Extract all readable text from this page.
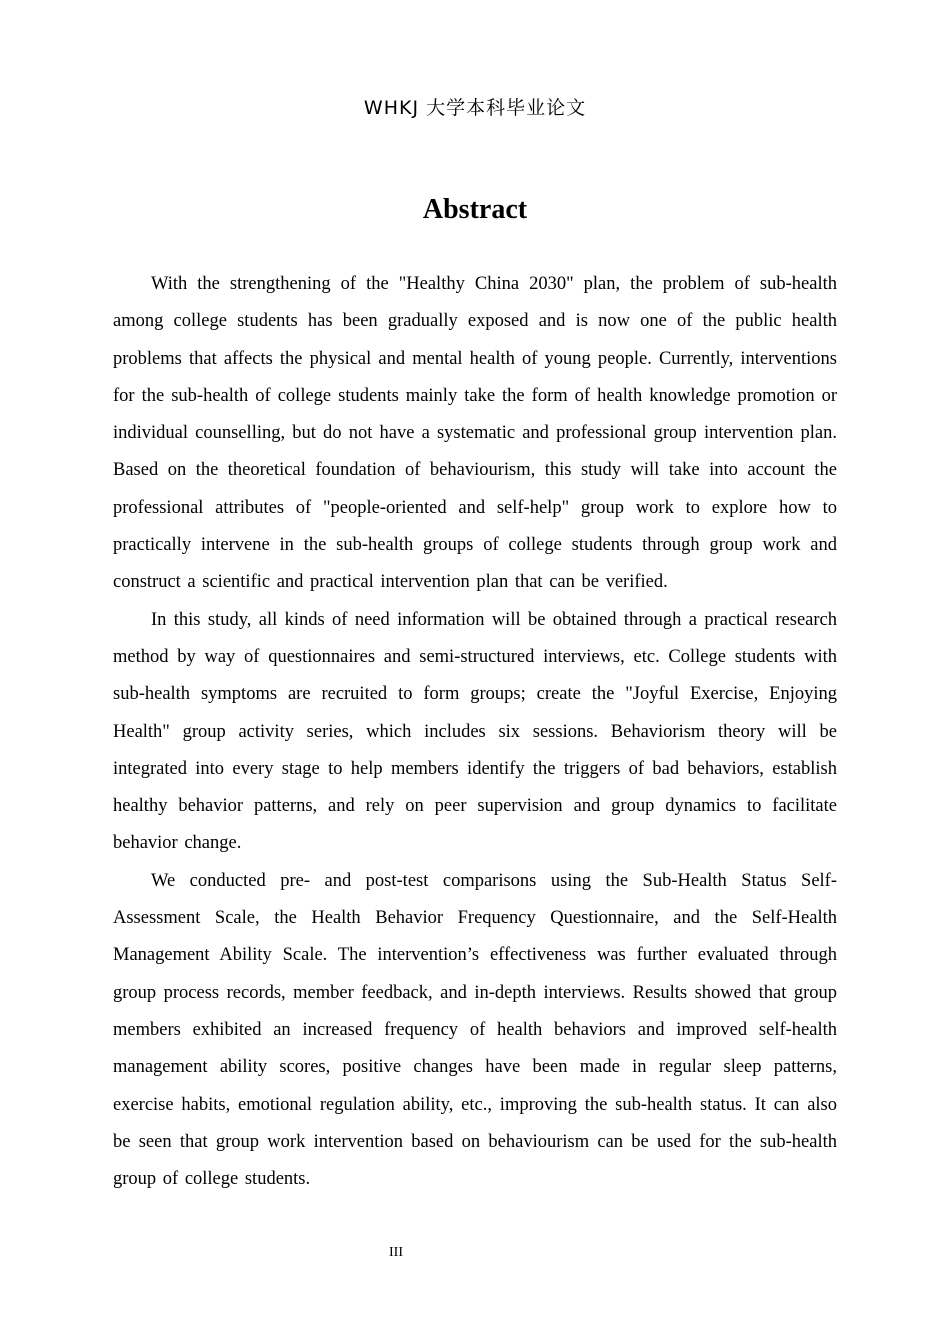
WHKJ 大学本科毕业论文
Abstract

With the strengthening of the "Healthy China 2030" plan, the problem of sub-health among college students has been gradually exposed and is now one of the public health problems that affects the physical and mental health of young people. Currently, interventions for the sub-health of college students mainly take the form of health knowledge promotion or individual counselling, but do not have a systematic and professional group intervention plan. Based on the theoretical foundation of behaviourism, this study will take into account the professional attributes of "people-oriented and self-help" group work to explore how to practically intervene in the sub-health groups of college students through group work and construct a scientific and practical intervention plan that can be verified.

In this study, all kinds of need information will be obtained through a practical research method by way of questionnaires and semi-structured interviews, etc. College students with sub-health symptoms are recruited to form groups; create the "Joyful Exercise, Enjoying Health" group activity series, which includes six sessions. Behaviorism theory will be integrated into every stage to help members identify the triggers of bad behaviors, establish healthy behavior patterns, and rely on peer supervision and group dynamics to facilitate behavior change.

We conducted pre- and post-test comparisons using the Sub-Health Status Self-Assessment Scale, the Health Behavior Frequency Questionnaire, and the Self-Health Management Ability Scale. The intervention’s effectiveness was further evaluated through group process records, member feedback, and in-depth interviews. Results showed that group members exhibited an increased frequency of health behaviors and improved self-health management ability scores, positive changes have been made in regular sleep patterns, exercise habits, emotional regulation ability, etc., improving the sub-health status. It can also be seen that group work intervention based on behaviourism can be used for the sub-health group of college students.

III
